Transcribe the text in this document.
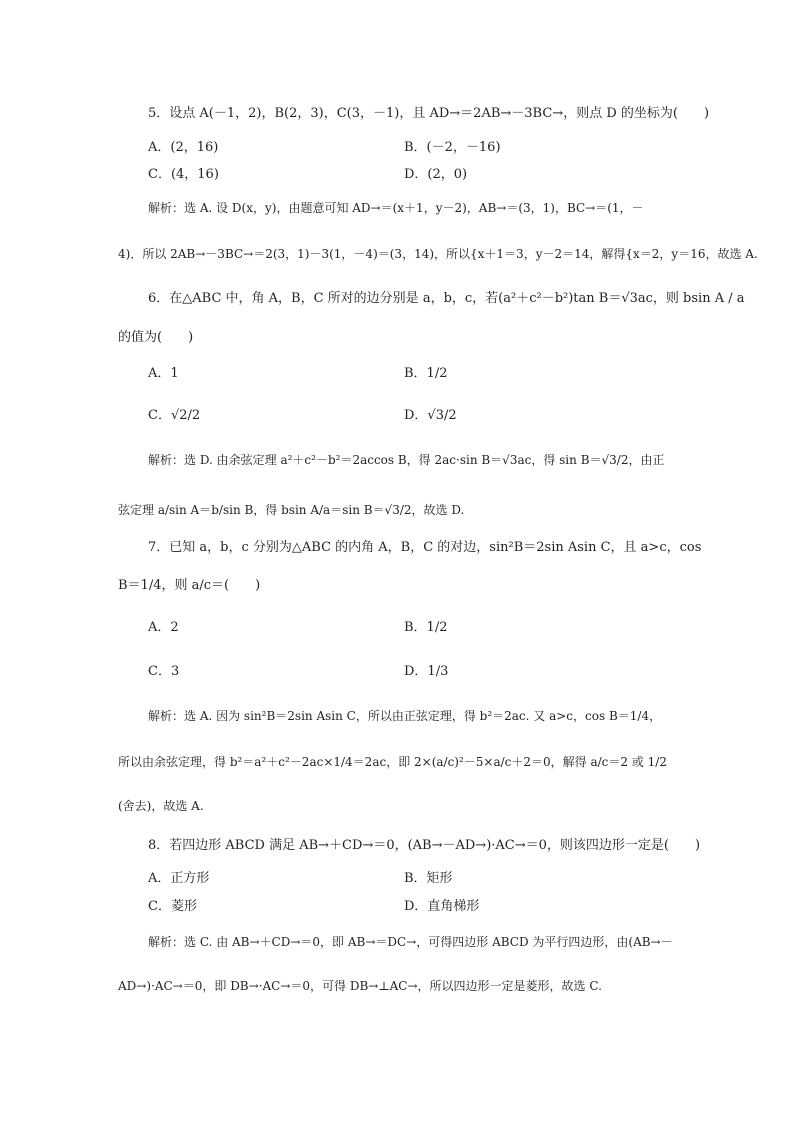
5．设点 A(－1，2)，B(2，3)，C(3，－1)，且 AD→＝2AB→－3BC→，则点 D 的坐标为(　　)
A．(2，16)	B．(－2，－16)
C．(4，16)	D．(2，0)
解析：选 A. 设 D(x，y)，由题意可知 AD→＝(x＋1，y－2)，AB→＝(3，1)，BC→＝(1，－
4)．所以 2AB→－3BC→＝2(3，1)－3(1，－4)＝(3，14)，所以{x＋1＝3，y－2＝14，解得{x＝2，y＝16，故选 A.
6．在△ABC 中，角 A，B，C 所对的边分别是 a，b，c，若(a²＋c²－b²)tan B＝√3ac，则 bsin A / a
的值为(　　)
A．1	B．1/2
C．√2/2	D．√3/2
解析：选 D. 由余弦定理 a²＋c²－b²＝2accos B，得 2ac·sin B＝√3ac，得 sin B＝√3/2，由正
弦定理 a/sin A＝b/sin B，得 bsin A/a＝sin B＝√3/2，故选 D.
7．已知 a，b，c 分别为△ABC 的内角 A，B，C 的对边，sin²B＝2sin Asin C，且 a>c，cos
B＝1/4，则 a/c＝(　　)
A．2	B．1/2
C．3	D．1/3
解析：选 A. 因为 sin²B＝2sin Asin C，所以由正弦定理，得 b²＝2ac. 又 a>c，cos B＝1/4，
所以由余弦定理，得 b²＝a²＋c²－2ac×1/4＝2ac，即 2×(a/c)²－5×a/c＋2＝0，解得 a/c＝2 或 1/2
(舍去)，故选 A.
8．若四边形 ABCD 满足 AB→＋CD→＝0，(AB→－AD→)·AC→＝0，则该四边形一定是(　　)
A．正方形	B．矩形
C．菱形	D．直角梯形
解析：选 C. 由 AB→＋CD→＝0，即 AB→＝DC→，可得四边形 ABCD 为平行四边形，由(AB→－
AD→)·AC→＝0，即 DB→·AC→＝0，可得 DB→⊥AC→，所以四边形一定是菱形，故选 C.
